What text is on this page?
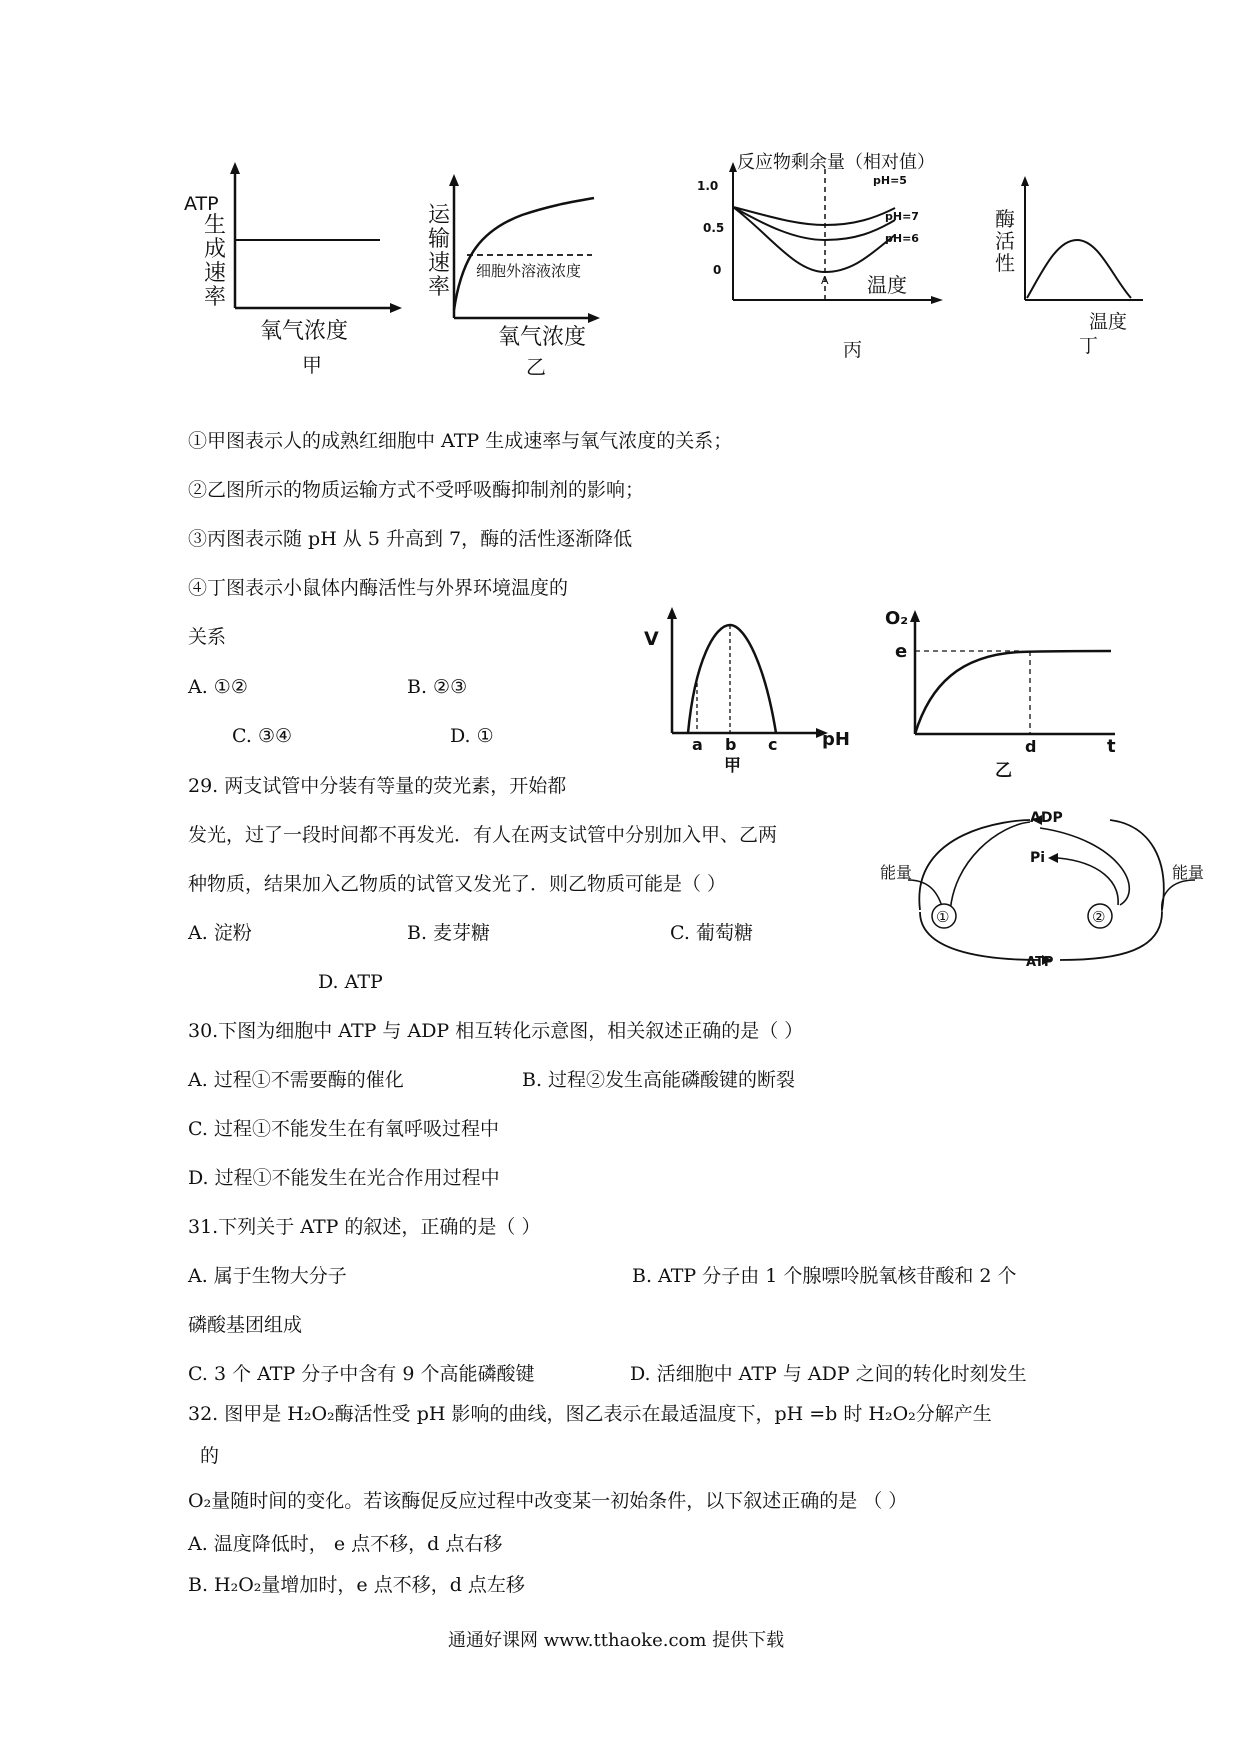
ATP
生
成
速
率
氧气浓度
甲
运
输
速
率
细胞外溶液浓度
氧气浓度
乙
反应物剩余量（相对值）
1.0
0.5
0
pH=5
pH=7
pH=6
A 温度
丙
酶
活
性
温度
丁
①甲图表示人的成熟红细胞中 ATP 生成速率与氧气浓度的关系；
②乙图所示的物质运输方式不受呼吸酶抑制剂的影响；
③丙图表示随 pH 从 5 升高到 7，酶的活性逐渐降低
④丁图表示小鼠体内酶活性与外界环境温度的
关系
A. ①②	B. ②③
C. ③④	D. ①
V
a b c pH
甲
O₂
e
d	t
乙
29. 两支试管中分装有等量的荧光素，开始都
发光，过了一段时间都不再发光．有人在两支试管中分别加入甲、乙两
种物质，结果加入乙物质的试管又发光了．则乙物质可能是（ ）
A. 淀粉	B. 麦芽糖	C. 葡萄糖
D. ATP
ADP
Pi
ATP
能量	能量
①	②
30.下图为细胞中 ATP 与 ADP 相互转化示意图，相关叙述正确的是（ ）
A. 过程①不需要酶的催化	B. 过程②发生高能磷酸键的断裂
C. 过程①不能发生在有氧呼吸过程中
D. 过程①不能发生在光合作用过程中
31.下列关于 ATP 的叙述，正确的是（ ）
A. 属于生物大分子	B. ATP 分子由 1 个腺嘌呤脱氧核苷酸和 2 个
磷酸基团组成
C. 3 个 ATP 分子中含有 9 个高能磷酸键	D. 活细胞中 ATP 与 ADP 之间的转化时刻发生
32. 图甲是 H₂O₂酶活性受 pH 影响的曲线，图乙表示在最适温度下，pH =b 时 H₂O₂分解产生
的
O₂量随时间的变化。若该酶促反应过程中改变某一初始条件，以下叙述正确的是 （ ）
A. 温度降低时， e 点不移，d 点右移
B. H₂O₂量增加时，e 点不移，d 点左移
通通好课网 www.tthaoke.com 提供下载
